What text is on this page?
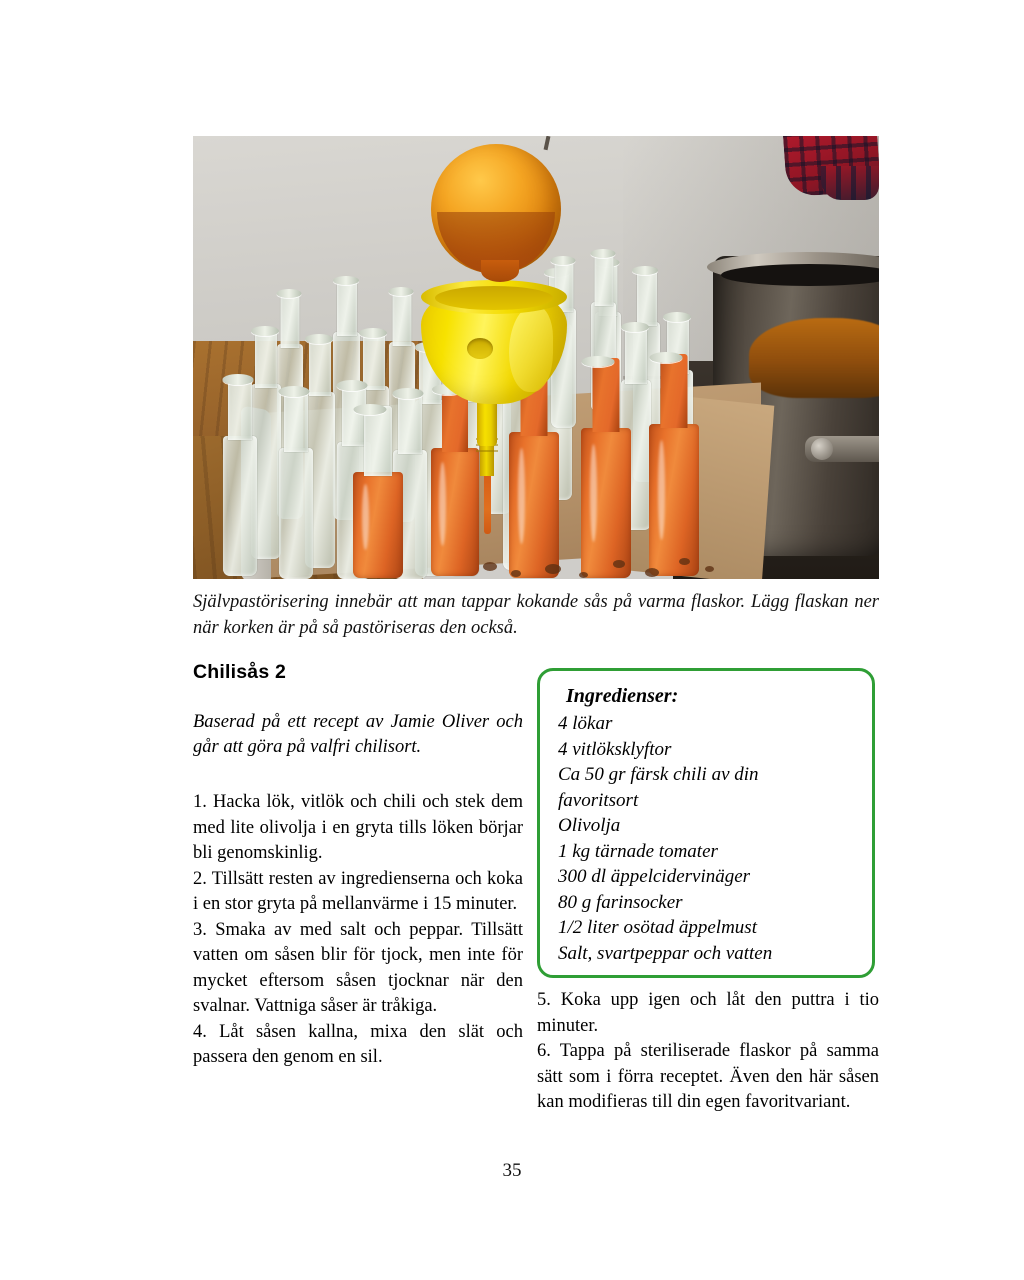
Självpastörisering innebär att man tappar kokande sås på varma flaskor. Lägg flaskan ner när korken är på så pastöriseras den också.
Chilisås 2

Baserad på ett recept av Jamie Oliver och går att göra på valfri chilisort.

1. Hacka lök, vitlök och chili och stek dem med lite olivolja i en gryta tills löken börjar bli genomskinlig.

2. Tillsätt resten av ingredienserna och koka i en stor gryta på mellanvärme i 15 minuter.

3. Smaka av med salt och peppar. Tillsätt vatten om såsen blir för tjock, men inte för mycket eftersom såsen tjocknar när den svalnar. Vattniga såser är tråkiga.

4. Låt såsen kallna, mixa den slät och passera den genom en sil.

Ingredienser:
4 lökar
4 vitlöksklyftor
Ca 50 gr färsk chili av din
favoritsort
Olivolja
1 kg tärnade tomater
300 dl äppelcidervinäger
80 g farinsocker
1/2 liter osötad äppelmust
Salt, svartpeppar och vatten

5. Koka upp igen och låt den puttra i tio minuter.

6. Tappa på steriliserade flaskor på samma sätt som i förra receptet. Även den här såsen kan modifieras till din egen favoritvariant.

35
